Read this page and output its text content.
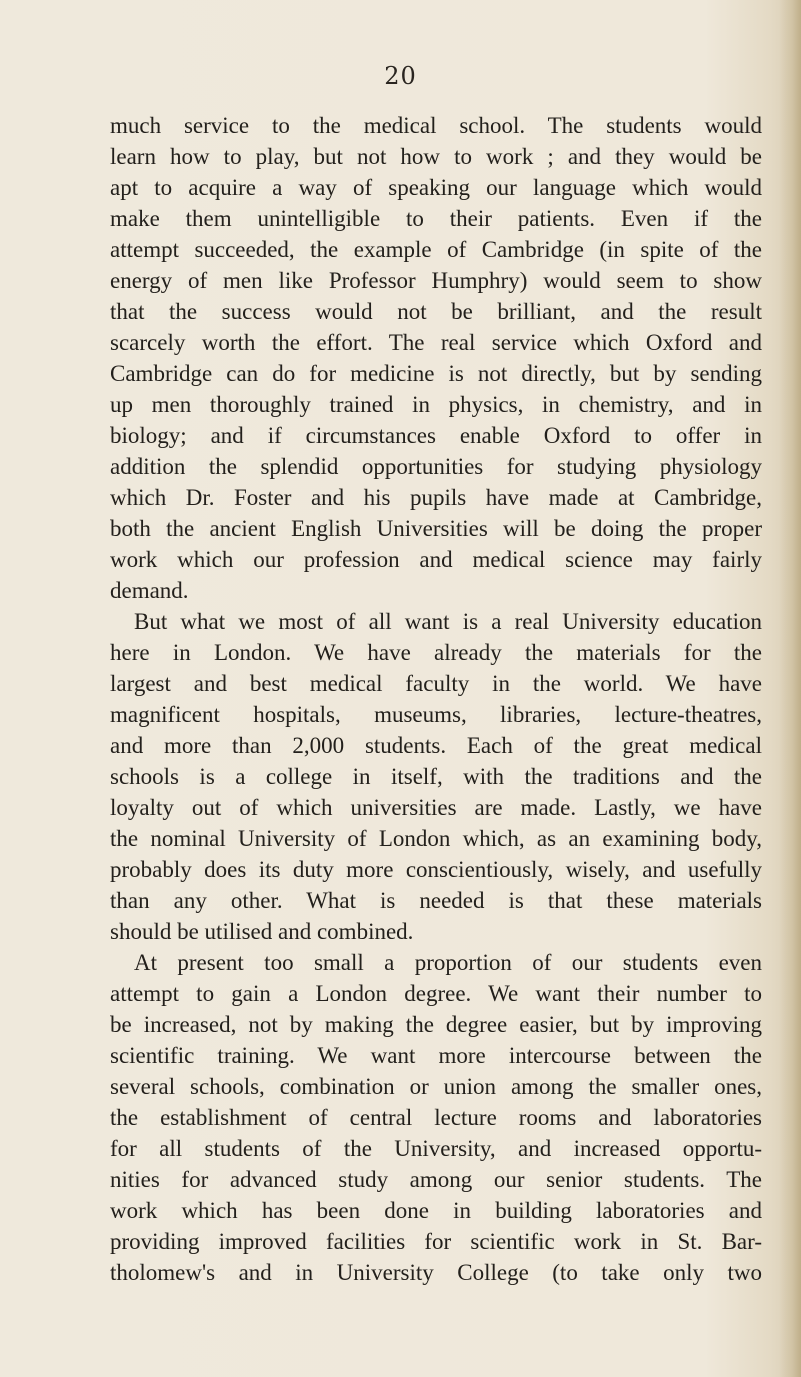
20
much service to the medical school. The students would
learn how to play, but not how to work ; and they would be
apt to acquire a way of speaking our language which would
make them unintelligible to their patients. Even if the
attempt succeeded, the example of Cambridge (in spite of the
energy of men like Professor Humphry) would seem to show
that the success would not be brilliant, and the result
scarcely worth the effort. The real service which Oxford and
Cambridge can do for medicine is not directly, but by sending
up men thoroughly trained in physics, in chemistry, and in
biology; and if circumstances enable Oxford to offer in
addition the splendid opportunities for studying physiology
which Dr. Foster and his pupils have made at Cambridge,
both the ancient English Universities will be doing the proper
work which our profession and medical science may fairly
demand.
But what we most of all want is a real University education
here in London. We have already the materials for the
largest and best medical faculty in the world. We have
magnificent hospitals, museums, libraries, lecture-theatres,
and more than 2,000 students. Each of the great medical
schools is a college in itself, with the traditions and the
loyalty out of which universities are made. Lastly, we have
the nominal University of London which, as an examining body,
probably does its duty more conscientiously, wisely, and usefully
than any other. What is needed is that these materials
should be utilised and combined.
At present too small a proportion of our students even
attempt to gain a London degree. We want their number to
be increased, not by making the degree easier, but by improving
scientific training. We want more intercourse between the
several schools, combination or union among the smaller ones,
the establishment of central lecture rooms and laboratories
for all students of the University, and increased opportu-
nities for advanced study among our senior students. The
work which has been done in building laboratories and
providing improved facilities for scientific work in St. Bar-
tholomew's and in University College (to take only two
